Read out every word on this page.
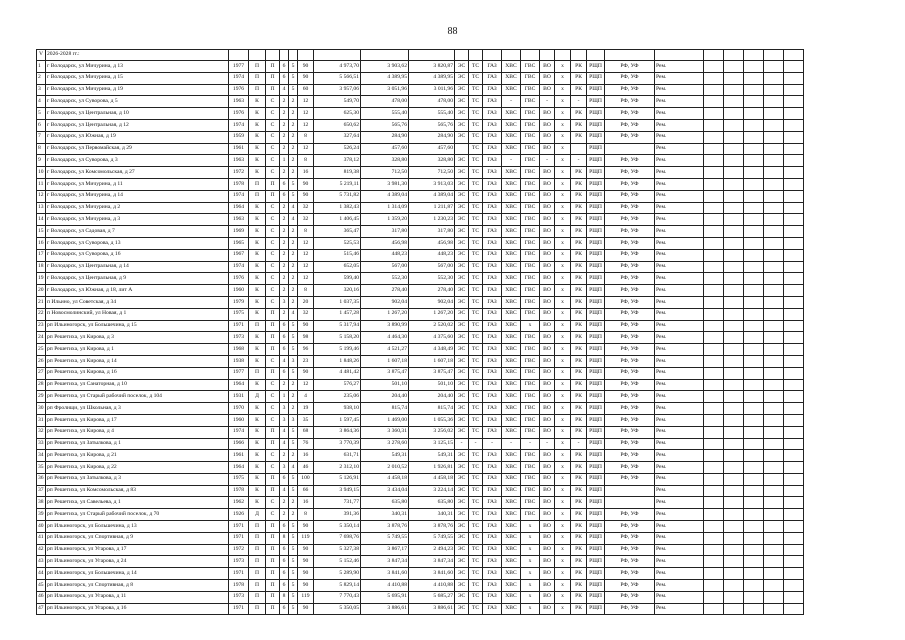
88
V	2026-2028 гг.:																									
1	г Володарск, ул Мичурина, д 13	1977	П	П	6	5	90	4 973,70	3 903,62	3 820,87	ЭС	ТС	ГАЗ	ХВС	ГВС	ВО	х	РК	РЩП	РФ, УФ	Рем.					
2	г Володарск, ул Мичурина, д 15	1974	П	П	6	5	90	5 566,51	4 389,95	4 389,95	ЭС	ТС	ГАЗ	ХВС	ГВС	ВО	х	РК	РЩП	РФ, УФ	Рем.					
3	г Володарск, ул Мичурина, д 19	1976	П	П	4	5	60	3 957,06	3 051,96	3 011,96	ЭС	ТС	ГАЗ	ХВС	ГВС	ВО	х	РК	РЩП	РФ, УФ	Рем.					
4	г Володарск, ул Суворова, д 5	1963	К	С	2	2	12	549,70	478,00	478,00	ЭС	ТС	ГАЗ	-	ГВС	-	х	-	РЩП	РФ, УФ	Рем.					
5	г Володарск, ул Центральная, д 10	1976	К	С	2	2	12	625,30	555,40	555,40	ЭС	ТС	ГАЗ	ХВС	ГВС	ВО	х	РК	РЩП	РФ, УФ	Рем.					
6	г Володарск, ул Центральная, д 12	1974	К	С	2	2	12	650,62	565,76	565,76	ЭС	ТС	ГАЗ	ХВС	ГВС	ВО	х	РК	РЩП	РФ, УФ	Рем.					
7	г Володарск, ул Южная, д 19	1959	К	С	2	2	8	327,64	284,90	284,90	ЭС	ТС	ГАЗ	ХВС	ГВС	ВО	х	РК	РЩП	РФ, УФ	Рем.					
8	г Володарск, ул Первомайская, д 29	1961	К	С	2	2	12	526,24	457,60	457,60		ТС	ГАЗ	ХВС	ГВС	ВО	х		РЩП		Рем.					
9	г Володарск, ул Суворова, д 3	1963	К	С	1	2	8	378,12	328,80	328,80	ЭС	ТС	ГАЗ	-	ГВС	-	х	-	РЩП	РФ, УФ	Рем.					
10	г Володарск, ул Комсомольская, д 27	1972	К	С	2	2	16	819,38	712,50	712,50	ЭС	ТС	ГАЗ	ХВС	ГВС	ВО	х	РК	РЩП	РФ, УФ	Рем.					
11	г Володарск, ул Мичурина, д 11	1978	П	П	6	5	90	5 219,11	3 981,30	3 913,03	ЭС	ТС	ГАЗ	ХВС	ГВС	ВО	х	РК	РЩП	РФ, УФ	Рем.					
12	г Володарск, ул Мичурина, д 14	1974	П	П	6	5	90	5 731,82	4 389,04	4 389,04	ЭС	ТС	ГАЗ	ХВС	ГВС	ВО	х	РК	РЩП	РФ, УФ	Рем.					
13	г Володарск, ул Мичурина, д 2	1964	К	С	2	4	32	1 382,43	1 314,09	1 211,87	ЭС	ТС	ГАЗ	ХВС	ГВС	ВО	х	РК	РЩП	РФ, УФ	Рем.					
14	г Володарск, ул Мичурина, д 3	1963	К	С	2	4	32	1 406,45	1 359,20	1 230,23	ЭС	ТС	ГАЗ	ХВС	ГВС	ВО	х	РК	РЩП	РФ, УФ	Рем.					
15	г Володарск, ул Садовая, д 7	1969	К	С	2	2	8	365,47	317,80	317,80	ЭС	ТС	ГАЗ	ХВС	ГВС	ВО	х	РК	РЩП	РФ, УФ	Рем.					
16	г Володарск, ул Суворова, д 13	1965	К	С	2	2	12	525,53	456,98	456,98	ЭС	ТС	ГАЗ	ХВС	ГВС	ВО	х	РК	РЩП	РФ, УФ	Рем.					
17	г Володарск, ул Суворова, д 16	1967	К	С	2	2	12	515,46	448,23	448,23	ЭС	ТС	ГАЗ	ХВС	ГВС	ВО	х	РК	РЩП	РФ, УФ	Рем.					
18	г Володарск, ул Центральная, д 14	1974	К	С	2	2	12	652,05	567,00	567,00	ЭС	ТС	ГАЗ	ХВС	ГВС	ВО	х	РК	РЩП	РФ, УФ	Рем.					
19	г Володарск, ул Центральная, д 9	1976	К	С	2	2	12	599,40	552,30	552,30	ЭС	ТС	ГАЗ	ХВС	ГВС	ВО	х	РК	РЩП	РФ, УФ	Рем.					
20	г Володарск, ул Южная, д 18, лит А	1960	К	С	2	2	8	320,16	278,40	278,40	ЭС	ТС	ГАЗ	ХВС	ГВС	ВО	х	РК	РЩП	РФ, УФ	Рем.					
21	п Ильино, ул Советская, д 34	1979	К	С	3	2	20	1 037,35	902,04	902,04	ЭС	ТС	ГАЗ	ХВС	ГВС	ВО	х	РК	РЩП	РФ, УФ	Рем.					
22	п Новосмолинский, ул Новая, д 1	1975	К	П	2	4	32	1 457,28	1 267,20	1 267,20	ЭС	ТС	ГАЗ	ХВС	ГВС	ВО	х	РК	РЩП	РФ, УФ	Рем.					
23	рп Ильиногорск, ул Большечина, д 15	1971	П	П	6	5	90	5 317,94	3 890,99	2 520,02	ЭС	ТС	ГАЗ	ХВС	х	ВО	х	РК	РЩП	РФ, УФ	Рем.					
24	рп Решетиха, ул Кирова, д 3	1973	К	П	6	5	98	5 158,20	4 464,30	4 375,60	ЭС	ТС	ГАЗ	ХВС	ГВС	ВО	х	РК	РЩП	РФ, УФ	Рем.					
25	рп Решетиха, ул Кирова, д 1	1968	К	П	6	5	96	5 199,46	4 521,27	4 348,49	ЭС	ТС	ГАЗ	ХВС	ГВС	ВО	х	РК	РЩП	РФ, УФ	Рем.					
26	рп Решетиха, ул Кирова, д 14	1938	К	С	4	3	23	1 848,26	1 607,18	1 607,18	ЭС	ТС	ГАЗ	ХВС	ГВС	ВО	х	РК	РЩП	РФ, УФ	Рем.					
27	рп Решетиха, ул Кирова, д 16	1977	П	П	6	5	90	4 481,42	3 875,47	3 875,47	ЭС	ТС	ГАЗ	ХВС	ГВС	ВО	х	РК	РЩП	РФ, УФ	Рем.					
28	рп Решетиха, ул Санаторная, д 10	1964	К	С	2	2	12	576,27	501,10	501,10	ЭС	ТС	ГАЗ	ХВС	ГВС	ВО	х	РК	РЩП	РФ, УФ	Рем.					
29	рп Решетиха, ул Старый рабочий поселок, д 104	1931	Д	С	1	2	4	235,06	204,40	204,40	ЭС	ТС	ГАЗ	ХВС	ГВС	ВО	х	РК	РЩП	РФ, УФ	Рем.					
30	рп Фролищи, ул Школьная, д 3	1970	К	С	3	2	19	938,10	815,74	815,74	ЭС	ТС	ГАЗ	ХВС	ГВС	ВО	х	РК	РЩП	РФ, УФ	Рем.					
31	рп Решетиха, ул Кирова, д 17	1960	К	С	3	3	35	1 597,45	1 469,00	1 055,36	ЭС	ТС	ГАЗ	ХВС	ГВС	ВО	х	РК	РЩП	РФ, УФ	Рем.					
32	рп Решетиха, ул Кирова, д 4	1974	К	П	4	5	68	3 864,36	3 360,31	3 256,02	ЭС	ТС	ГАЗ	ХВС	ГВС	ВО	х	РК	РЩП	РФ, УФ	Рем.					
33	рп Решетиха, ул Затылкова, д 1	1966	К	П	4	5	76	3 770,39	3 278,60	3 125,15	-	-	-	-	-	-	х	-	РЩП	РФ, УФ	Рем.					
34	рп Решетиха, ул Кирова, д 21	1961	К	С	2	2	16	631,71	549,31	549,31	ЭС	ТС	ГАЗ	ХВС	ГВС	ВО	х	РК	РЩП	РФ, УФ	Рем.					
35	рп Решетиха, ул Кирова, д 22	1964	К	С	3	4	46	2 312,10	2 010,52	1 926,81	ЭС	ТС	ГАЗ	ХВС	ГВС	ВО	х	РК	РЩП	РФ, УФ	Рем.					
36	рп Решетиха, ул Затылкова, д 3	1975	К	П	6	5	100	5 126,91	4 458,18	4 458,18	ЭС	ТС	ГАЗ	ХВС	ГВС	ВО	х	РК	РЩП	РФ, УФ	Рем.					
37	рп Решетиха, ул Комсомольская, д 83	1978	К	П	4	5	66	3 949,15	3 434,04	3 224,14	ЭС	ТС	ГАЗ	ХВС	ГВС	ВО	х	РК	РЩП		Рем.					
38	рп Решетиха, ул Савельева, д 1	1962	К	С	2	2	16	731,77	635,80	635,80	ЭС	ТС	ГАЗ	ХВС	ГВС	ВО	х	РК	РЩП		Рем.					
39	рп Решетиха, ул Старый рабочий поселок, д 70	1926	Д	С	2	2	8	391,36	340,31	340,31	ЭС	ТС	ГАЗ	ХВС	ГВС	ВО	х	РК	РЩП	РФ, УФ	Рем.					
40	рп Ильиногорск, ул Большечина, д 13	1971	П	П	6	5	90	5 350,14	3 878,76	3 878,76	ЭС	ТС	ГАЗ	ХВС	х	ВО	х	РК	РЩП	РФ, УФ	Рем.					
41	рп Ильиногорск, ул Спортивная, д 9	1971	П	П	8	5	119	7 698,76	5 749,55	5 749,55	ЭС	ТС	ГАЗ	ХВС	х	ВО	х	РК	РЩП	РФ, УФ	Рем.					
42	рп Ильиногорск, ул Угарова, д 17	1972	П	П	6	5	90	5 327,38	3 867,17	2 494,23	ЭС	ТС	ГАЗ	ХВС	х	ВО	х	РК	РЩП	РФ, УФ	Рем.					
43	рп Ильиногорск, ул Угарова, д 24	1973	П	П	6	5	90	5 152,46	3 847,34	3 847,34	ЭС	ТС	ГАЗ	ХВС	х	ВО	х	РК	РЩП	РФ, УФ	Рем.					
44	рп Ильиногорск, ул Большечина, д 14	1971	П	П	6	5	90	5 289,90	3 841,60	3 841,60	ЭС	ТС	ГАЗ	ХВС	х	ВО	х	РК	РЩП	РФ, УФ	Рем.					
45	рп Ильиногорск, ул Спортивная, д 8	1978	П	П	6	5	90	5 829,14	4 410,88	4 410,88	ЭС	ТС	ГАЗ	ХВС	х	ВО	х	РК	РЩП	РФ, УФ	Рем.					
46	рп Ильиногорск, ул Угарова, д 11	1973	П	П	8	5	119	7 770,43	5 695,91	5 685,27	ЭС	ТС	ГАЗ	ХВС	х	ВО	х	РК	РЩП	РФ, УФ	Рем.					
47	рп Ильиногорск, ул Угарова, д 16	1971	П	П	6	5	90	5 350,05	3 886,61	3 886,61	ЭС	ТС	ГАЗ	ХВС	х	ВО	х	РК	РЩП	РФ, УФ	Рем.					
